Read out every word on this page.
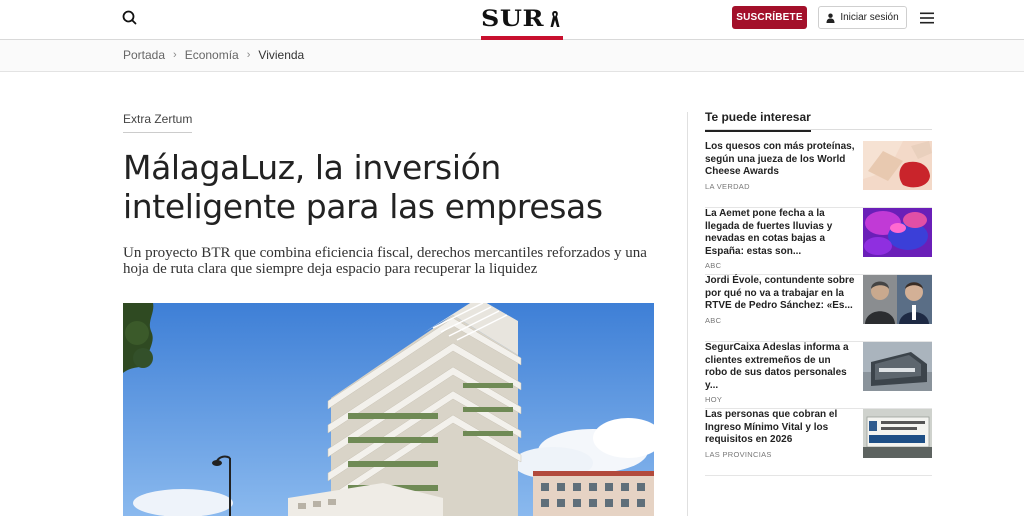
SUR	SUSCRÍBETE	Iniciar sesión
Portada › Economía › Vivienda
Extra Zertum
MálagaLuz, la inversión inteligente para las empresas

Un proyecto BTR que combina eficiencia fiscal, derechos mercantiles reforzados y una hoja de ruta clara que siempre deja espacio para recuperar la liquidez

Te puede interesar
Los quesos con más proteínas, según una jueza de los World Cheese Awards
LA VERDAD
La Aemet pone fecha a la llegada de fuertes lluvias y nevadas en cotas bajas a España: estas son...
ABC
Jordi Évole, contundente sobre por qué no va a trabajar en la RTVE de Pedro Sánchez: «Es...
ABC
SegurCaixa Adeslas informa a clientes extremeños de un robo de sus datos personales y...
HOY
Las personas que cobran el Ingreso Mínimo Vital y los requisitos en 2026
LAS PROVINCIAS
